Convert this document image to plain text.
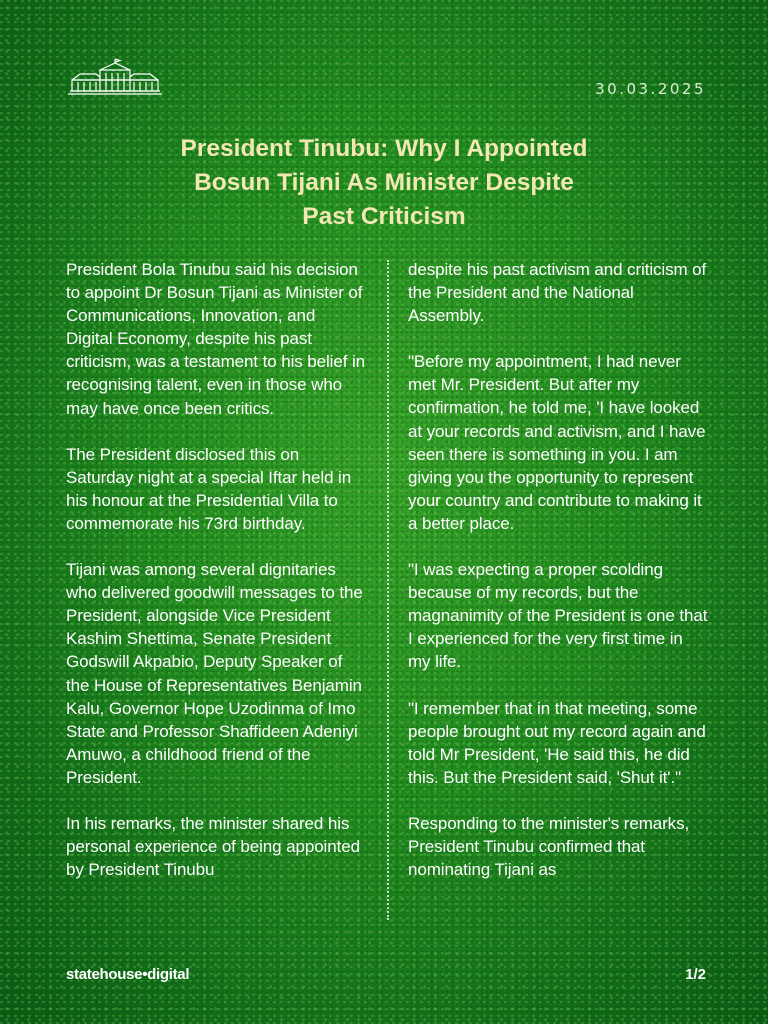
30.03.2025
President Tinubu: Why I Appointed
Bosun Tijani As Minister Despite
Past Criticism

President Bola Tinubu said his decision to appoint Dr Bosun Tijani as Minister of Communications, Innovation, and Digital Economy, despite his past criticism, was a testament to his belief in recognising talent, even in those who may have once been critics.

The President disclosed this on Saturday night at a special Iftar held in his honour at the Presidential Villa to commemorate his 73rd birthday.

Tijani was among several dignitaries who delivered goodwill messages to the President, alongside Vice President Kashim Shettima, Senate President Godswill Akpabio, Deputy Speaker of the House of Representatives Benjamin Kalu, Governor Hope Uzodinma of Imo State and Professor Shaffideen Adeniyi Amuwo, a childhood friend of the President.

In his remarks, the minister shared his personal experience of being appointed by President Tinubu

despite his past activism and criticism of the President and the National Assembly.

"Before my appointment, I had never met Mr. President. But after my confirmation, he told me, 'I have looked at your records and activism, and I have seen there is something in you. I am giving you the opportunity to represent your country and contribute to making it a better place.

"I was expecting a proper scolding because of my records, but the magnanimity of the President is one that I experienced for the very first time in my life.

"I remember that in that meeting, some people brought out my record again and told Mr President, 'He said this, he did this. But the President said, 'Shut it'."

Responding to the minister's remarks, President Tinubu confirmed that nominating Tijani as

statehouse•digital	1/2
